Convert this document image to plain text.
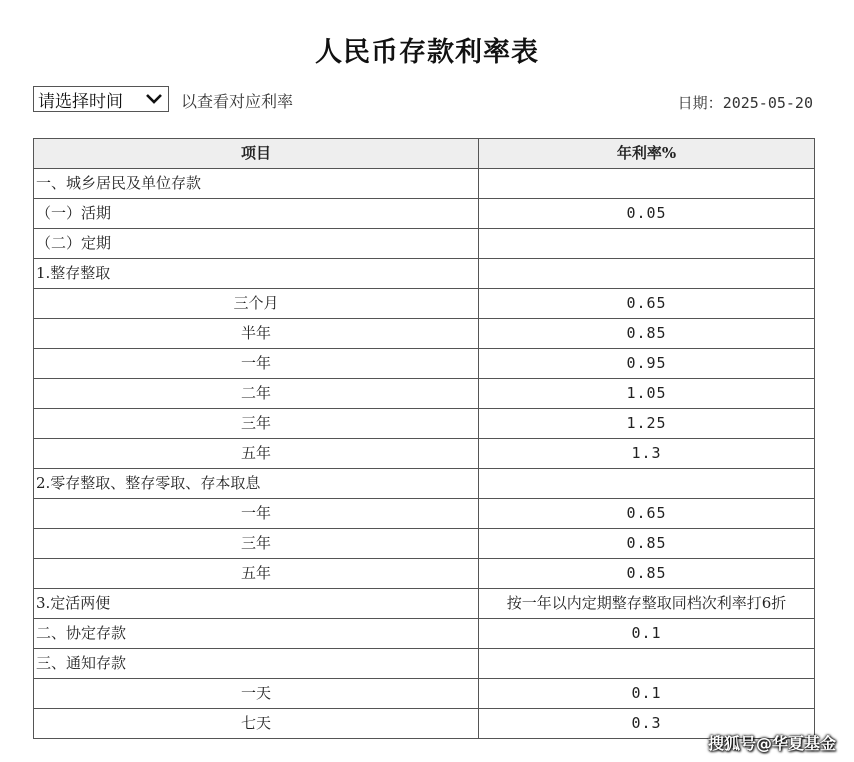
人民币存款利率表
请选择时间	以查看对应利率	日期：2025-05-20
项目	年利率%
一、城乡居民及单位存款	
（一）活期	0.05
（二）定期	
1.整存整取	
三个月	0.65
半年	0.85
一年	0.95
二年	1.05
三年	1.25
五年	1.3
2.零存整取、整存零取、存本取息	
一年	0.65
三年	0.85
五年	0.85
3.定活两便	按一年以内定期整存整取同档次利率打6折
二、协定存款	0.1
三、通知存款	
一天	0.1
七天	0.3
搜狐号@华夏基金
